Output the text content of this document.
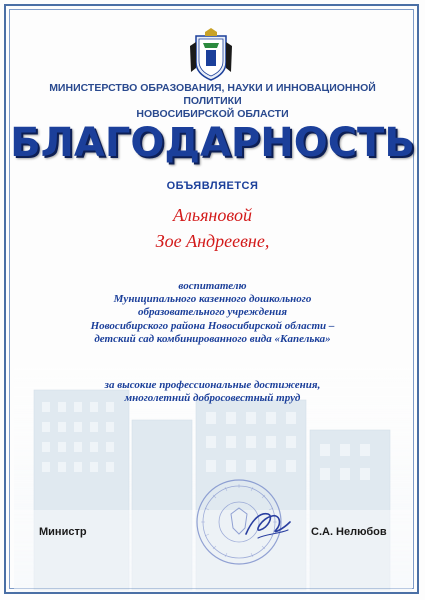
МИНИСТЕРСТВО ОБРАЗОВАНИЯ, НАУКИ И ИННОВАЦИОННОЙ ПОЛИТИКИ
НОВОСИБИРСКОЙ ОБЛАСТИ
БЛАГОДАРНОСТЬ
ОБЪЯВЛЯЕТСЯ
Альяновой
Зое Андреевне,
воспитателю
Муниципального казенного дошкольного
образовательного учреждения
Новосибирского района Новосибирской области –
детский сад комбинированного вида «Капелька»
за высокие профессиональные достижения,
многолетний добросовестный труд
Министр	С.А. Нелюбов
